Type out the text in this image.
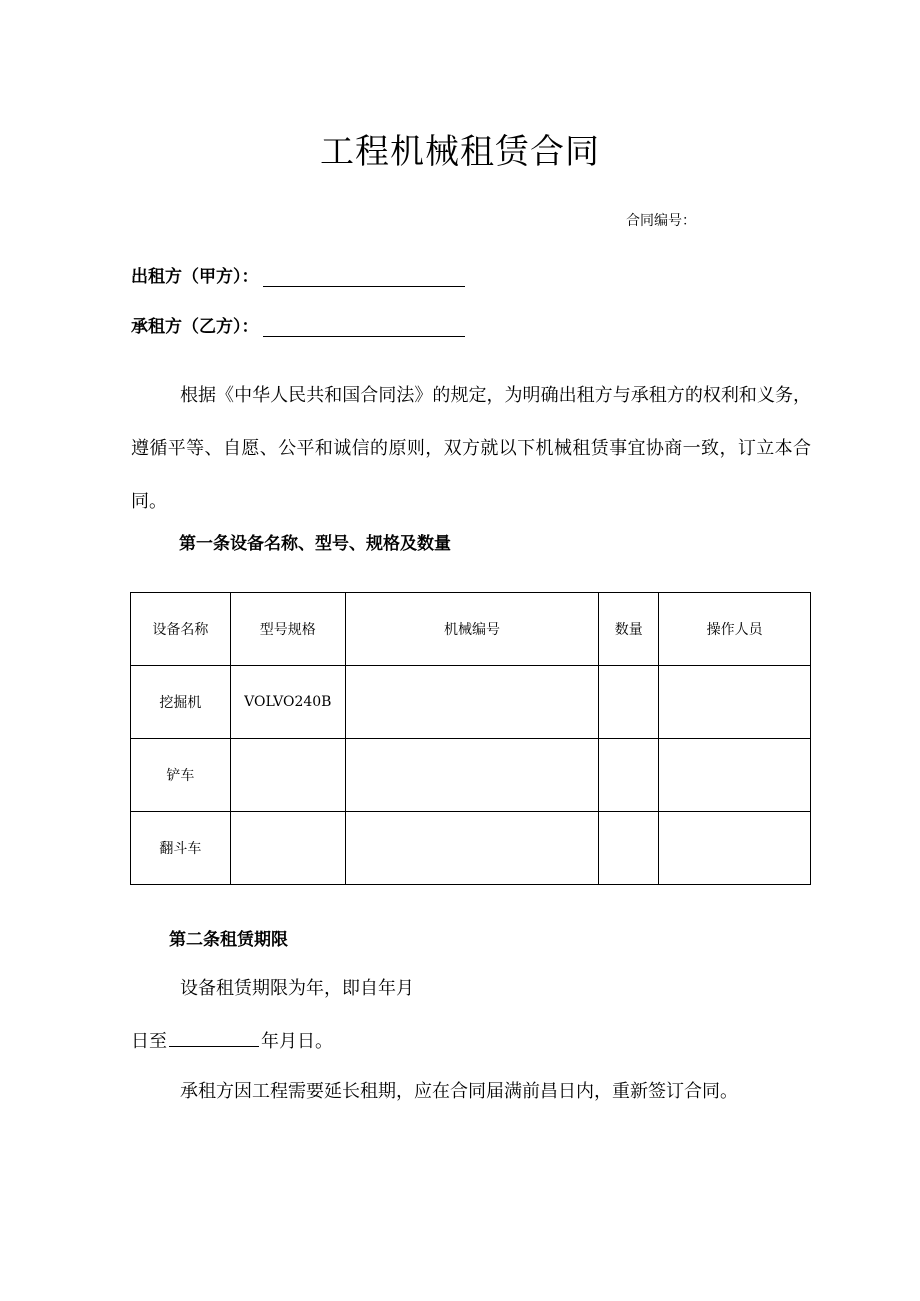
工程机械租赁合同
合同编号：
出租方（甲方）：
承租方（乙方）：
根据《中华人民共和国合同法》的规定，为明确出租方与承租方的权利和义务，遵循平等、自愿、公平和诚信的原则，双方就以下机械租赁事宜协商一致，订立本合同。
第一条设备名称、型号、规格及数量
设备名称	型号规格	机械编号	数量	操作人员
挖掘机	VOLVO240B			
铲车				
翻斗车				
第二条租赁期限
设备租赁期限为年，即自年月
日至	年月日。
承租方因工程需要延长租期，应在合同届满前昌日内，重新签订合同。
